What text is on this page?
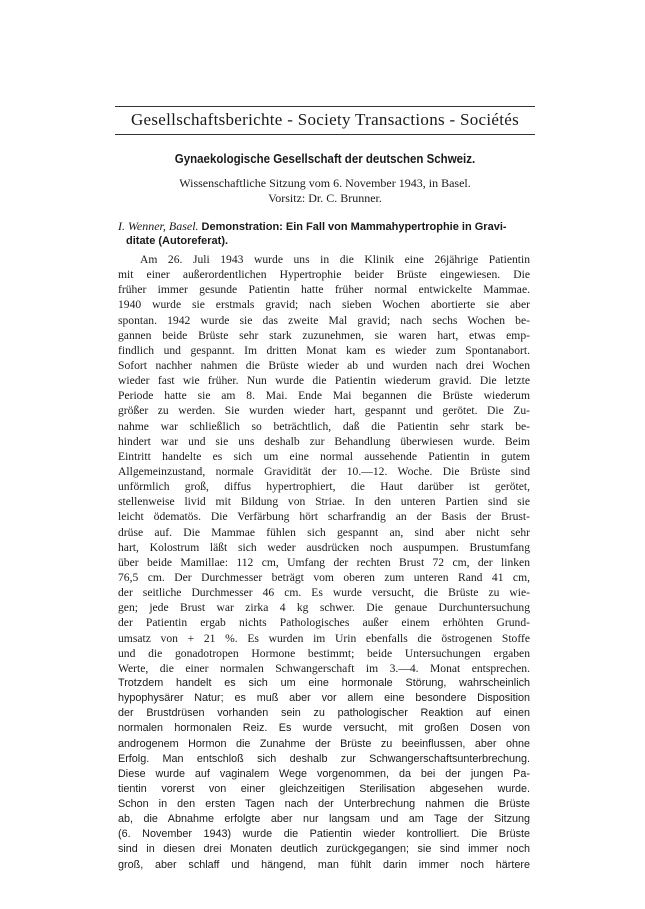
Gesellschaftsberichte - Society Transactions - Sociétés
Gynaekologische Gesellschaft der deutschen Schweiz.
Wissenschaftliche Sitzung vom 6. November 1943, in Basel.
Vorsitz: Dr. C. Brunner.
I. Wenner, Basel. Demonstration: Ein Fall von Mammahypertrophie in Gravi-
ditate (Autoreferat).
Am 26. Juli 1943 wurde uns in die Klinik eine 26jährige Patientin
mit einer außerordentlichen Hypertrophie beider Brüste eingewiesen. Die
früher immer gesunde Patientin hatte früher normal entwickelte Mammae.
1940 wurde sie erstmals gravid; nach sieben Wochen abortierte sie aber
spontan. 1942 wurde sie das zweite Mal gravid; nach sechs Wochen be-
gannen beide Brüste sehr stark zuzunehmen, sie waren hart, etwas emp-
findlich und gespannt. Im dritten Monat kam es wieder zum Spontanabort.
Sofort nachher nahmen die Brüste wieder ab und wurden nach drei Wochen
wieder fast wie früher. Nun wurde die Patientin wiederum gravid. Die letzte
Periode hatte sie am 8. Mai. Ende Mai begannen die Brüste wiederum
größer zu werden. Sie wurden wieder hart, gespannt und gerötet. Die Zu-
nahme war schließlich so beträchtlich, daß die Patientin sehr stark be-
hindert war und sie uns deshalb zur Behandlung überwiesen wurde. Beim
Eintritt handelte es sich um eine normal aussehende Patientin in gutem
Allgemeinzustand, normale Gravidität der 10.—12. Woche. Die Brüste sind
unförmlich groß, diffus hypertrophiert, die Haut darüber ist gerötet,
stellenweise livid mit Bildung von Striae. In den unteren Partien sind sie
leicht ödematös. Die Verfärbung hört scharfrandig an der Basis der Brust-
drüse auf. Die Mammae fühlen sich gespannt an, sind aber nicht sehr
hart, Kolostrum läßt sich weder ausdrücken noch auspumpen. Brustumfang
über beide Mamillae: 112 cm, Umfang der rechten Brust 72 cm, der linken
76,5 cm. Der Durchmesser beträgt vom oberen zum unteren Rand 41 cm,
der seitliche Durchmesser 46 cm. Es wurde versucht, die Brüste zu wie-
gen; jede Brust war zirka 4 kg schwer. Die genaue Durchuntersuchung
der Patientin ergab nichts Pathologisches außer einem erhöhten Grund-
umsatz von + 21 %. Es wurden im Urin ebenfalls die östrogenen Stoffe
und die gonadotropen Hormone bestimmt; beide Untersuchungen ergaben
Werte, die einer normalen Schwangerschaft im 3.—4. Monat entsprechen.
Trotzdem handelt es sich um eine hormonale Störung, wahrscheinlich
hypophysärer Natur; es muß aber vor allem eine besondere Disposition
der Brustdrüsen vorhanden sein zu pathologischer Reaktion auf einen
normalen hormonalen Reiz. Es wurde versucht, mit großen Dosen von
androgenem Hormon die Zunahme der Brüste zu beeinflussen, aber ohne
Erfolg. Man entschloß sich deshalb zur Schwangerschaftsunterbrechung.
Diese wurde auf vaginalem Wege vorgenommen, da bei der jungen Pa-
tientin vorerst von einer gleichzeitigen Sterilisation abgesehen wurde.
Schon in den ersten Tagen nach der Unterbrechung nahmen die Brüste
ab, die Abnahme erfolgte aber nur langsam und am Tage der Sitzung
(6. November 1943) wurde die Patientin wieder kontrolliert. Die Brüste
sind in diesen drei Monaten deutlich zurückgegangen; sie sind immer noch
groß, aber schlaff und hängend, man fühlt darin immer noch härtere
